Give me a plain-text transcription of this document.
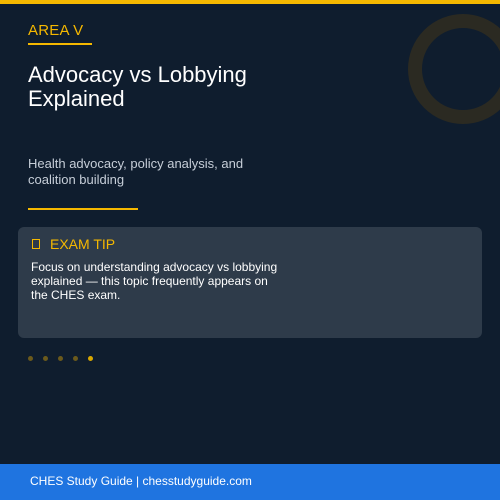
AREA V
Advocacy vs Lobbying Explained
Health advocacy, policy analysis, and coalition building
EXAM TIP
Focus on understanding advocacy vs lobbying explained — this topic frequently appears on the CHES exam.
CHES Study Guide | chesstudyguide.com
